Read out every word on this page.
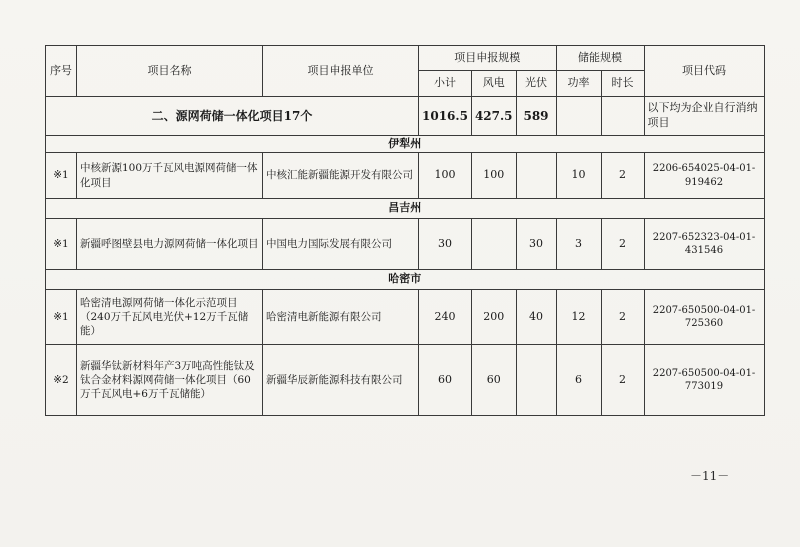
序号	项目名称	项目申报单位	项目申报规模			储能规模		项目代码
			小计	风电	光伏	功率	时长	
二、源网荷储一体化项目17个			1016.5	427.5	589			以下均为企业自行消纳项目
伊犁州								
※1	中核新源100万千瓦风电源网荷储一体化项目	中核汇能新疆能源开发有限公司	100	100		10	2	2206-654025-04-01-919462
昌吉州								
※1	新疆呼图壁县电力源网荷储一体化项目	中国电力国际发展有限公司	30		30	3	2	2207-652323-04-01-431546
哈密市								
※1	哈密清电源网荷储一体化示范项目（240万千瓦风电光伏+12万千瓦储能）	哈密清电新能源有限公司	240	200	40	12	2	2207-650500-04-01-725360
※2	新疆华钛新材料年产3万吨高性能钛及钛合金材料源网荷储一体化项目（60万千瓦风电+6万千瓦储能）	新疆华辰新能源科技有限公司	60	60		6	2	2207-650500-04-01-773019
－11－
